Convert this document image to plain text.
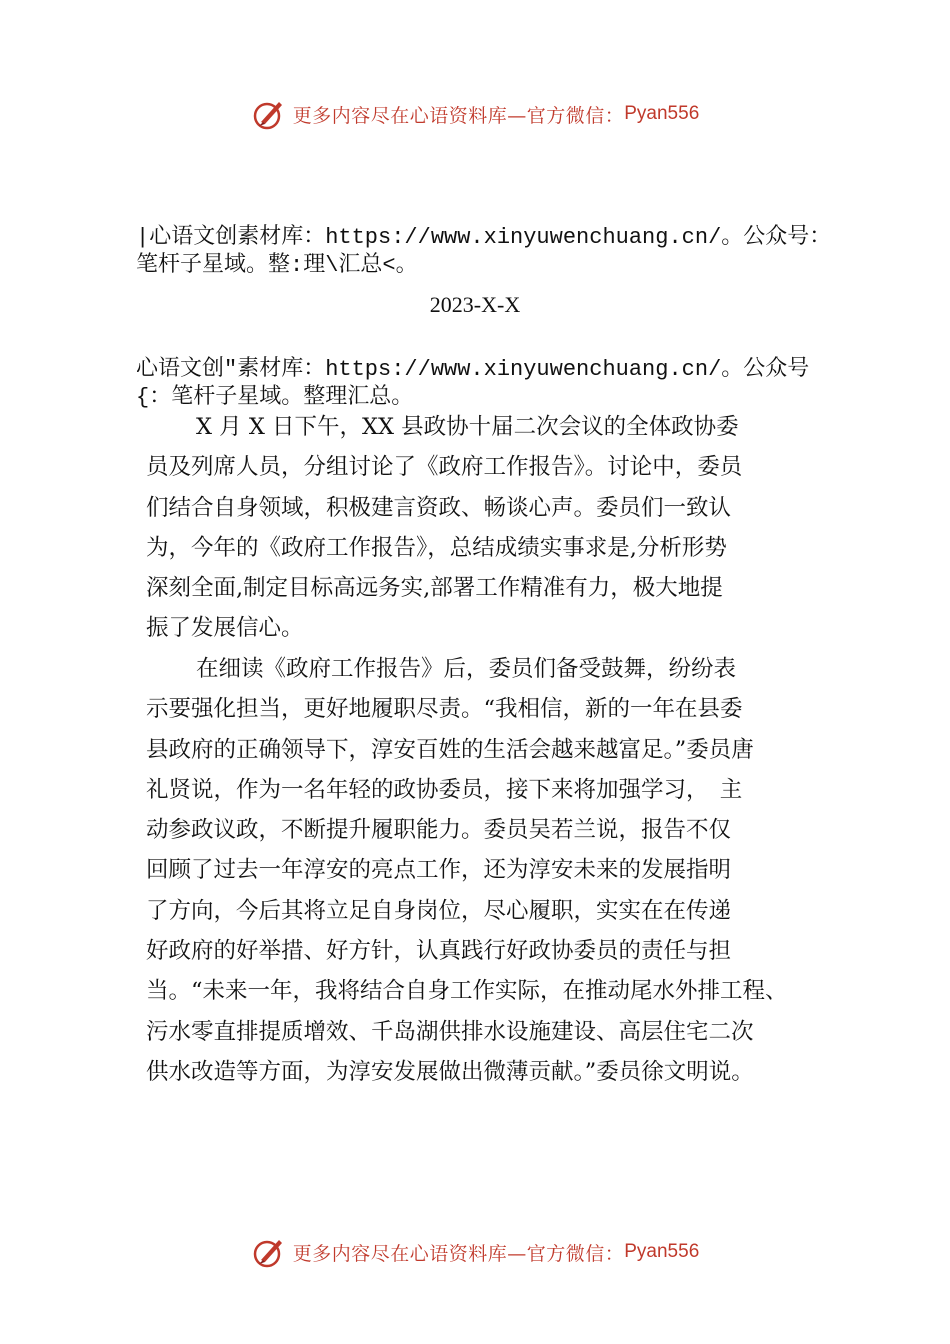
更多内容尽在心语资料库—官方微信： Pyan556
|心语文创素材库：https://www.xinyuwenchuang.cn/。公众号：
笔杆子星域。整:理\汇总<。
2023-X-X
心语文创"素材库：https://www.xinyuwenchuang.cn/。公众号
{：笔杆子星域。整理汇总。
X 月 X 日下午，XX 县政协十届二次会议的全体政协委
员及列席人员，分组讨论了《政府工作报告》。讨论中，委员
们结合自身领域，积极建言资政、畅谈心声。委员们一致认
为，今年的《政府工作报告》，总结成绩实事求是,分析形势
深刻全面,制定目标高远务实,部署工作精准有力，极大地提
振了发展信心。
在细读《政府工作报告》后，委员们备受鼓舞，纷纷表
示要强化担当，更好地履职尽责。“我相信，新的一年在县委
县政府的正确领导下，淳安百姓的生活会越来越富足。”委员唐
礼贤说，作为一名年轻的政协委员，接下来将加强学习，　主
动参政议政，不断提升履职能力。委员吴若兰说，报告不仅
回顾了过去一年淳安的亮点工作，还为淳安未来的发展指明
了方向，今后其将立足自身岗位，尽心履职，实实在在传递
好政府的好举措、好方针，认真践行好政协委员的责任与担
当。“未来一年，我将结合自身工作实际，在推动尾水外排工程、
污水零直排提质增效、千岛湖供排水设施建设、高层住宅二次
供水改造等方面，为淳安发展做出微薄贡献。”委员徐文明说。
更多内容尽在心语资料库—官方微信： Pyan556
